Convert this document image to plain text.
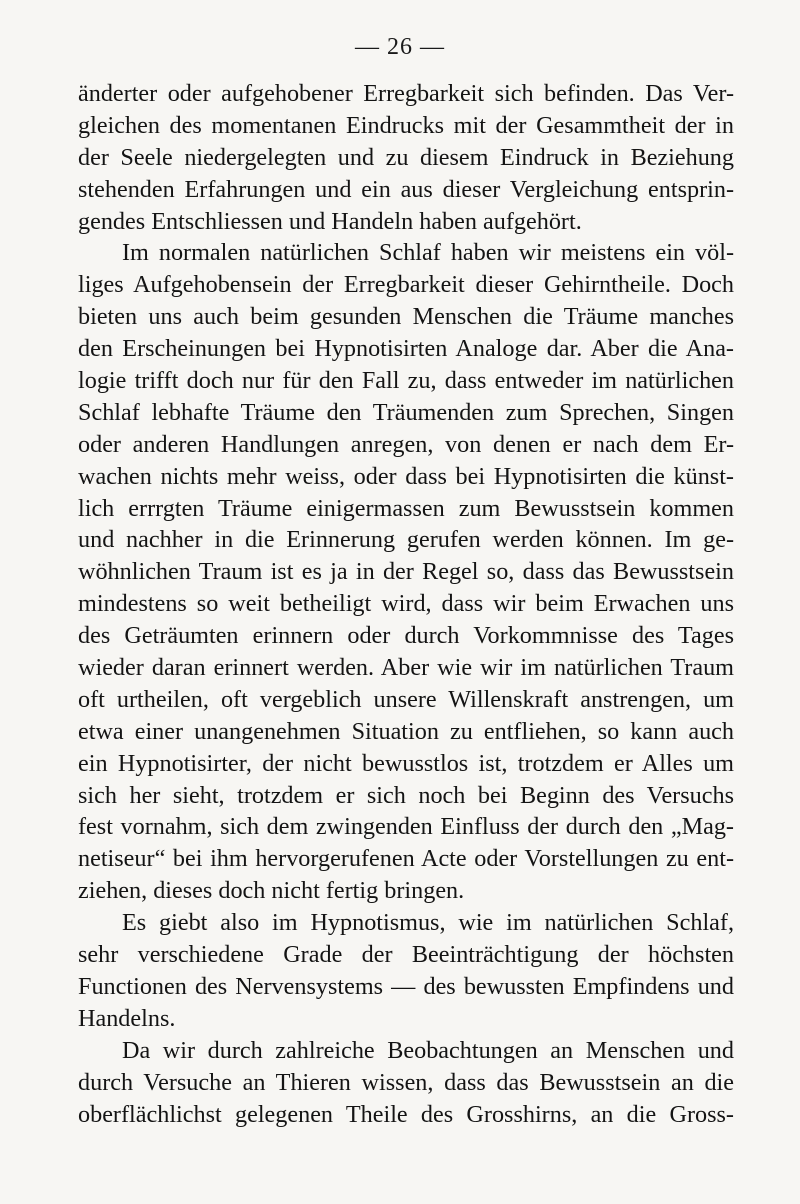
— 26 —
änderter oder aufgehobener Erregbarkeit sich befinden. Das Ver-
gleichen des momentanen Eindrucks mit der Gesammtheit der in
der Seele niedergelegten und zu diesem Eindruck in Beziehung
stehenden Erfahrungen und ein aus dieser Vergleichung entsprin-
gendes Entschliessen und Handeln haben aufgehört.
Im normalen natürlichen Schlaf haben wir meistens ein völ-
liges Aufgehobensein der Erregbarkeit dieser Gehirntheile. Doch
bieten uns auch beim gesunden Menschen die Träume manches
den Erscheinungen bei Hypnotisirten Analoge dar. Aber die Ana-
logie trifft doch nur für den Fall zu, dass entweder im natürlichen
Schlaf lebhafte Träume den Träumenden zum Sprechen, Singen
oder anderen Handlungen anregen, von denen er nach dem Er-
wachen nichts mehr weiss, oder dass bei Hypnotisirten die künst-
lich errrgten Träume einigermassen zum Bewusstsein kommen
und nachher in die Erinnerung gerufen werden können. Im ge-
wöhnlichen Traum ist es ja in der Regel so, dass das Bewusstsein
mindestens so weit betheiligt wird, dass wir beim Erwachen uns
des Geträumten erinnern oder durch Vorkommnisse des Tages
wieder daran erinnert werden. Aber wie wir im natürlichen Traum
oft urtheilen, oft vergeblich unsere Willenskraft anstrengen, um
etwa einer unangenehmen Situation zu entfliehen, so kann auch
ein Hypnotisirter, der nicht bewusstlos ist, trotzdem er Alles um
sich her sieht, trotzdem er sich noch bei Beginn des Versuchs
fest vornahm, sich dem zwingenden Einfluss der durch den „Mag-
netiseur“ bei ihm hervorgerufenen Acte oder Vorstellungen zu ent-
ziehen, dieses doch nicht fertig bringen.
Es giebt also im Hypnotismus, wie im natürlichen Schlaf,
sehr verschiedene Grade der Beeinträchtigung der höchsten
Functionen des Nervensystems — des bewussten Empfindens und
Handelns.
Da wir durch zahlreiche Beobachtungen an Menschen und
durch Versuche an Thieren wissen, dass das Bewusstsein an die
oberflächlichst gelegenen Theile des Grosshirns, an die Gross-
